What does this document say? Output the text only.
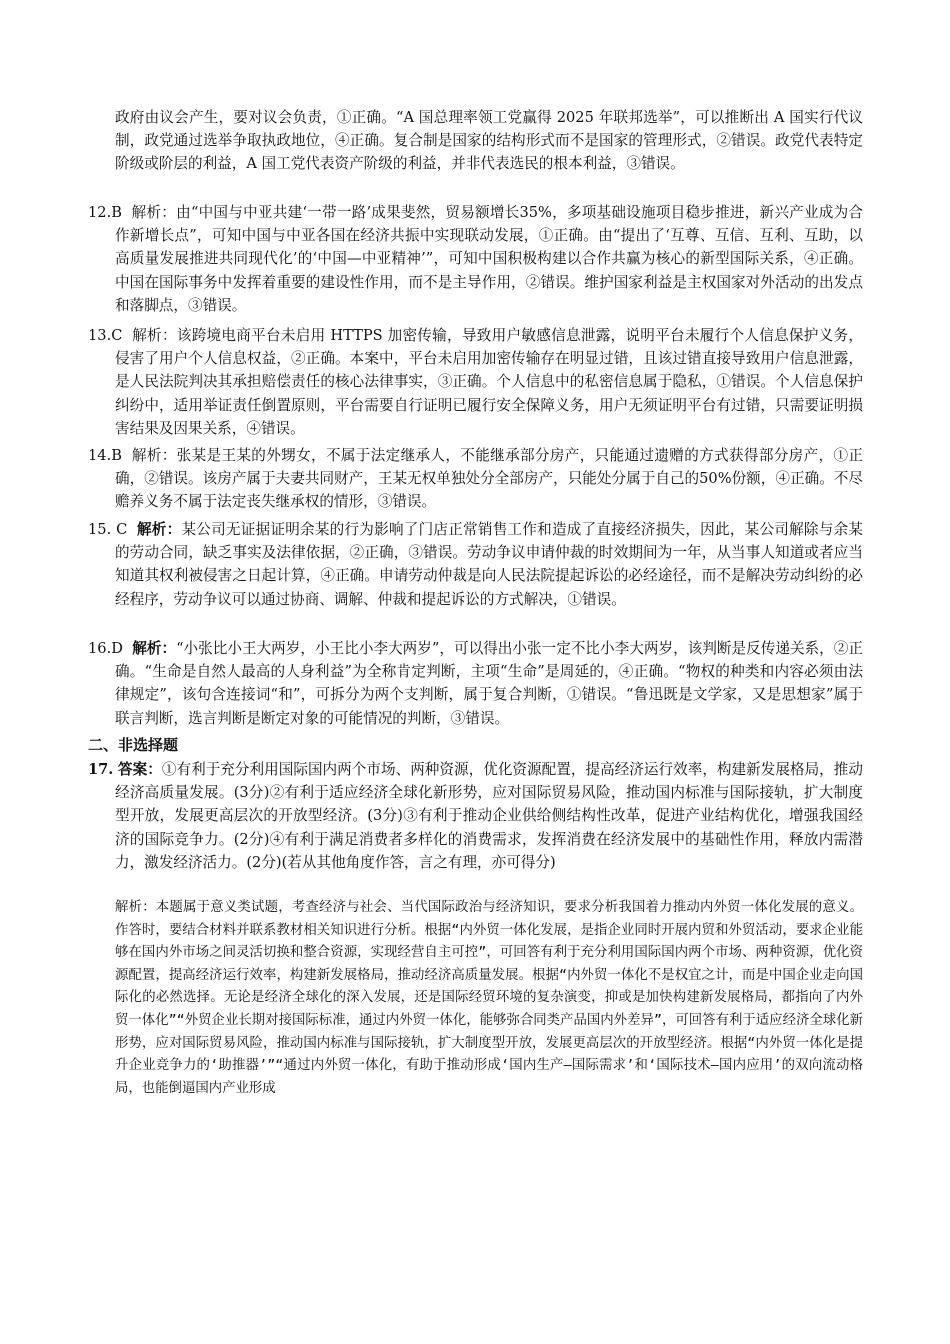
政府由议会产生，要对议会负责，①正确。“A 国总理率领工党赢得 2025 年联邦选举”，可以推断出 A 国实行代议制，政党通过选举争取执政地位，④正确。复合制是国家的结构形式而不是国家的管理形式，②错误。政党代表特定阶级或阶层的利益，A 国工党代表资产阶级的利益，并非代表选民的根本利益，③错误。

12.B 解析：由“中国与中亚共建‘一带一路’成果斐然，贸易额增长35%，多项基础设施项目稳步推进，新兴产业成为合作新增长点”，可知中国与中亚各国在经济共振中实现联动发展，①正确。由“提出了‘互尊、互信、互利、互助，以高质量发展推进共同现代化’的‘中国—中亚精神’”，可知中国积极构建以合作共赢为核心的新型国际关系，④正确。中国在国际事务中发挥着重要的建设性作用，而不是主导作用，②错误。维护国家利益是主权国家对外活动的出发点和落脚点，③错误。

13.C 解析：该跨境电商平台未启用 HTTPS 加密传输，导致用户敏感信息泄露，说明平台未履行个人信息保护义务，侵害了用户个人信息权益，②正确。本案中，平台未启用加密传输存在明显过错，且该过错直接导致用户信息泄露，是人民法院判决其承担赔偿责任的核心法律事实，③正确。个人信息中的私密信息属于隐私，①错误。个人信息保护纠纷中，适用举证责任倒置原则，平台需要自行证明已履行安全保障义务，用户无须证明平台有过错，只需要证明损害结果及因果关系，④错误。

14.B 解析：张某是王某的外甥女，不属于法定继承人，不能继承部分房产，只能通过遗赠的方式获得部分房产，①正确，②错误。该房产属于夫妻共同财产，王某无权单独处分全部房产，只能处分属于自己的50%份额，④正确。不尽赡养义务不属于法定丧失继承权的情形，③错误。

15. C 解析：某公司无证据证明余某的行为影响了门店正常销售工作和造成了直接经济损失，因此，某公司解除与余某的劳动合同，缺乏事实及法律依据，②正确，③错误。劳动争议申请仲裁的时效期间为一年，从当事人知道或者应当知道其权利被侵害之日起计算，④正确。申请劳动仲裁是向人民法院提起诉讼的必经途径，而不是解决劳动纠纷的必经程序，劳动争议可以通过协商、调解、仲裁和提起诉讼的方式解决，①错误。

16.D 解析：“小张比小王大两岁，小王比小李大两岁”，可以得出小张一定不比小李大两岁，该判断是反传递关系，②正确。“生命是自然人最高的人身利益”为全称肯定判断，主项“生命”是周延的，④正确。“物权的种类和内容必须由法律规定”，该句含连接词“和”，可拆分为两个支判断，属于复合判断，①错误。“鲁迅既是文学家，又是思想家”属于联言判断，选言判断是断定对象的可能情况的判断，③错误。

二、非选择题

17. 答案：①有利于充分利用国际国内两个市场、两种资源，优化资源配置，提高经济运行效率，构建新发展格局，推动经济高质量发展。(3分)②有利于适应经济全球化新形势，应对国际贸易风险，推动国内标准与国际接轨，扩大制度型开放，发展更高层次的开放型经济。(3分)③有利于推动企业供给侧结构性改革，促进产业结构优化，增强我国经济的国际竞争力。(2分)④有利于满足消费者多样化的消费需求，发挥消费在经济发展中的基础性作用，释放内需潜力，激发经济活力。(2分)(若从其他角度作答，言之有理，亦可得分)

解析：本题属于意义类试题，考查经济与社会、当代国际政治与经济知识，要求分析我国着力推动内外贸一体化发展的意义。作答时，要结合材料并联系教材相关知识进行分析。根据“内外贸一体化发展，是指企业同时开展内贸和外贸活动，要求企业能够在国内外市场之间灵活切换和整合资源，实现经营自主可控”，可回答有利于充分利用国际国内两个市场、两种资源，优化资源配置，提高经济运行效率，构建新发展格局，推动经济高质量发展。根据“内外贸一体化不是权宜之计，而是中国企业走向国际化的必然选择。无论是经济全球化的深入发展，还是国际经贸环境的复杂演变，抑或是加快构建新发展格局，都指向了内外贸一体化”“外贸企业长期对接国际标准，通过内外贸一体化，能够弥合同类产品国内外差异”，可回答有利于适应经济全球化新形势，应对国际贸易风险，推动国内标准与国际接轨，扩大制度型开放，发展更高层次的开放型经济。根据“内外贸一体化是提升企业竞争力的‘助推器’”“通过内外贸一体化，有助于推动形成‘国内生产—国际需求’和‘国际技术—国内应用’的双向流动格局，也能倒逼国内产业形成
